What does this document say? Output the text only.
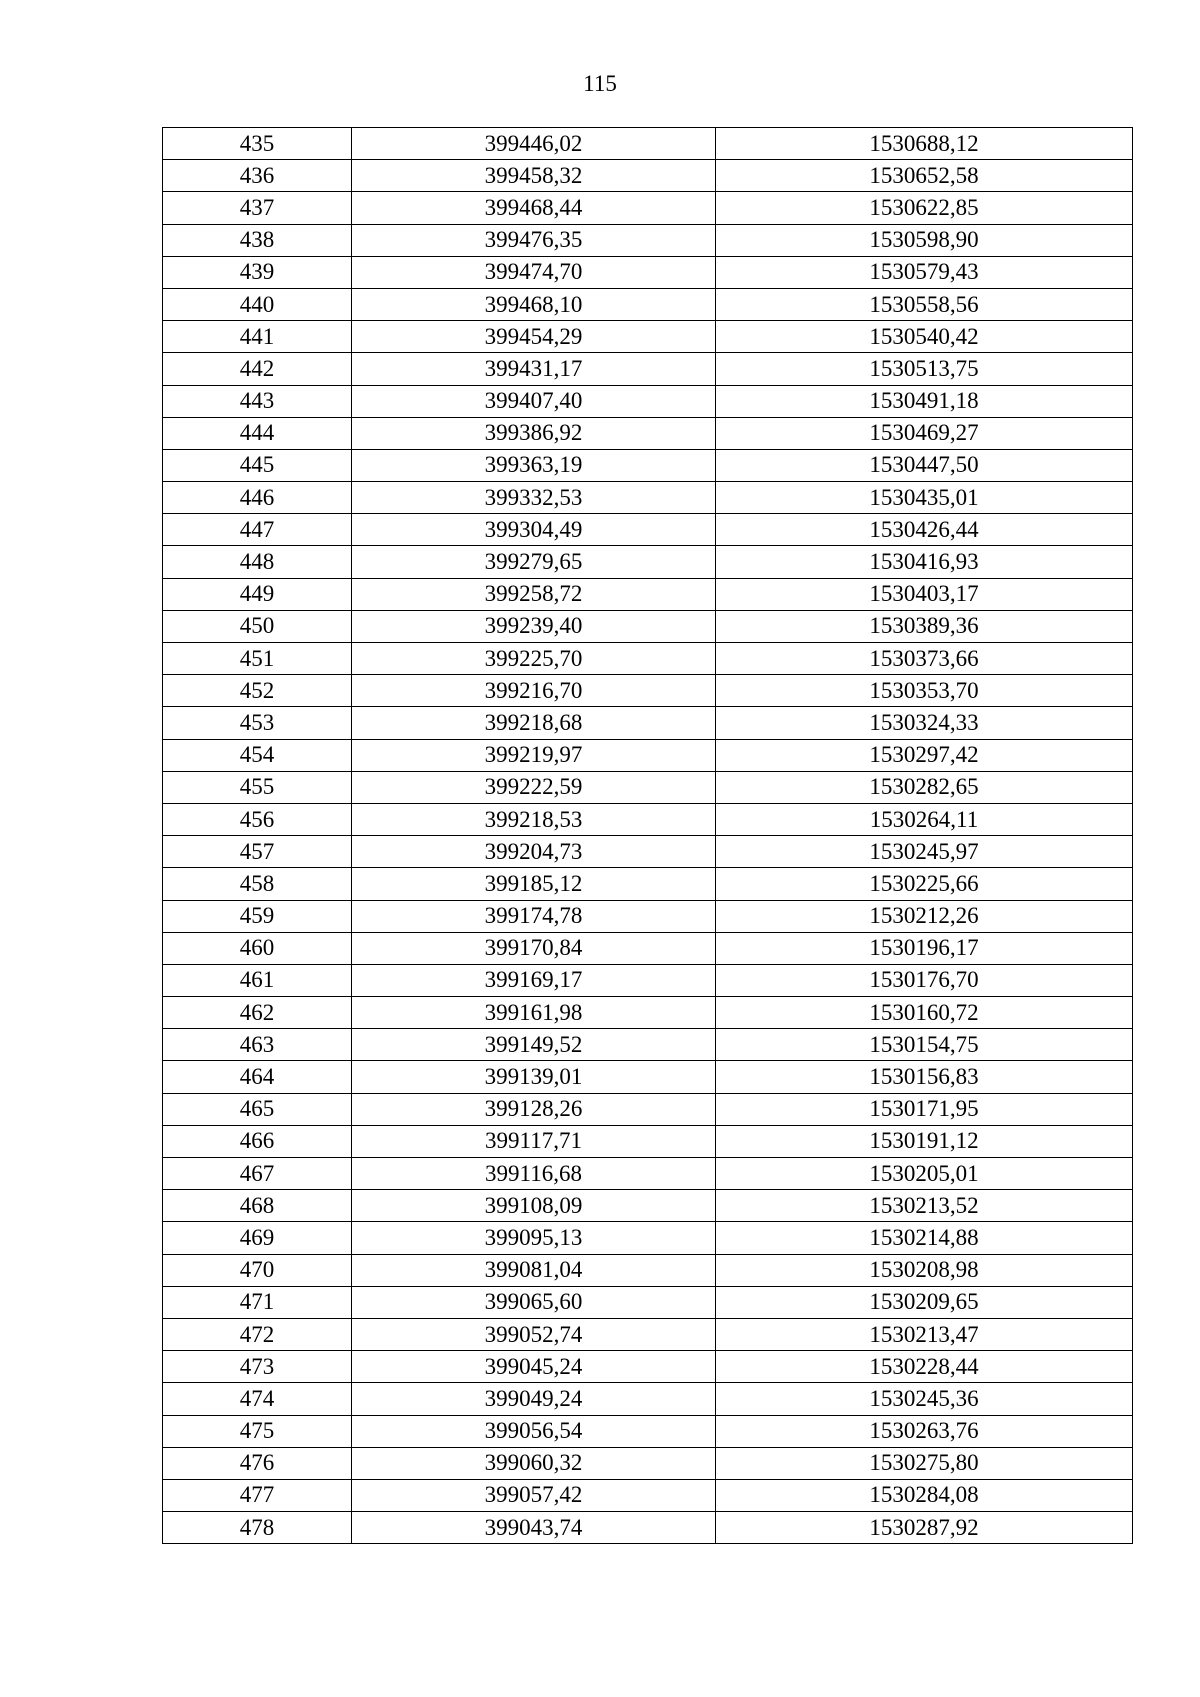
115
435	399446,02	1530688,12
436	399458,32	1530652,58
437	399468,44	1530622,85
438	399476,35	1530598,90
439	399474,70	1530579,43
440	399468,10	1530558,56
441	399454,29	1530540,42
442	399431,17	1530513,75
443	399407,40	1530491,18
444	399386,92	1530469,27
445	399363,19	1530447,50
446	399332,53	1530435,01
447	399304,49	1530426,44
448	399279,65	1530416,93
449	399258,72	1530403,17
450	399239,40	1530389,36
451	399225,70	1530373,66
452	399216,70	1530353,70
453	399218,68	1530324,33
454	399219,97	1530297,42
455	399222,59	1530282,65
456	399218,53	1530264,11
457	399204,73	1530245,97
458	399185,12	1530225,66
459	399174,78	1530212,26
460	399170,84	1530196,17
461	399169,17	1530176,70
462	399161,98	1530160,72
463	399149,52	1530154,75
464	399139,01	1530156,83
465	399128,26	1530171,95
466	399117,71	1530191,12
467	399116,68	1530205,01
468	399108,09	1530213,52
469	399095,13	1530214,88
470	399081,04	1530208,98
471	399065,60	1530209,65
472	399052,74	1530213,47
473	399045,24	1530228,44
474	399049,24	1530245,36
475	399056,54	1530263,76
476	399060,32	1530275,80
477	399057,42	1530284,08
478	399043,74	1530287,92
